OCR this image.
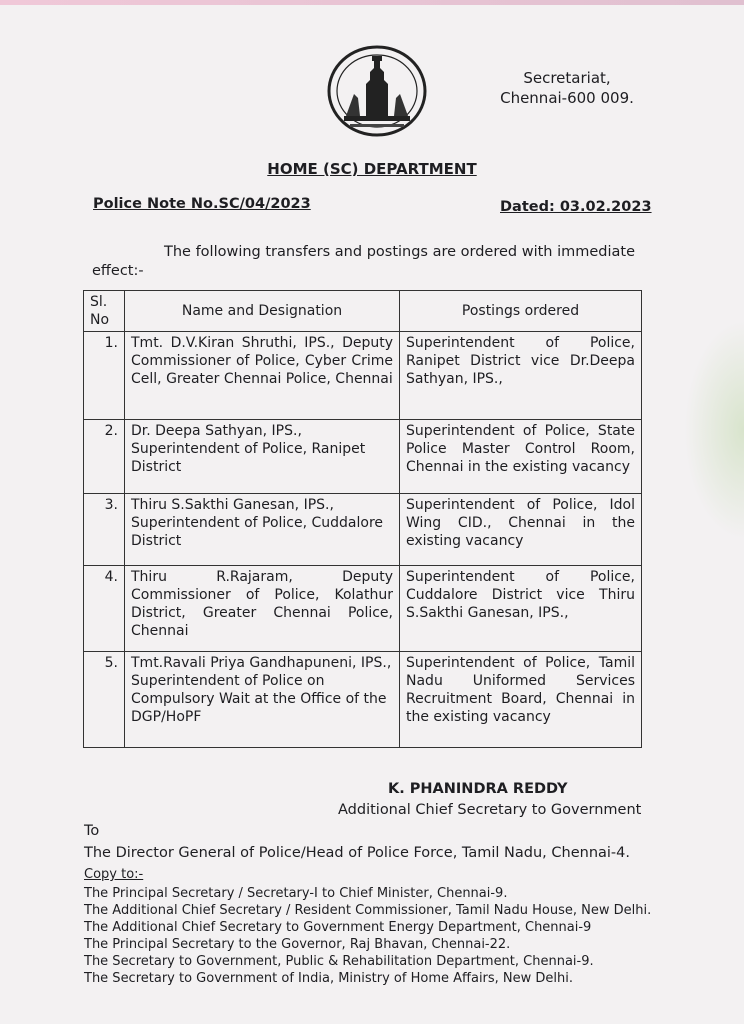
Secretariat,
Chennai-600 009.
HOME (SC) DEPARTMENT
Police Note No.SC/04/2023	Dated: 03.02.2023
The following transfers and postings are ordered with immediate effect:-
Sl. No	Name and Designation	Postings ordered
1.	Tmt. D.V.Kiran Shruthi, IPS., Deputy Commissioner of Police, Cyber Crime Cell, Greater Chennai Police, Chennai	Superintendent of Police, Ranipet District vice Dr.Deepa Sathyan, IPS.,
2.	Dr. Deepa Sathyan, IPS., Superintendent of Police, Ranipet District	Superintendent of Police, State Police Master Control Room, Chennai in the existing vacancy
3.	Thiru S.Sakthi Ganesan, IPS., Superintendent of Police, Cuddalore District	Superintendent of Police, Idol Wing CID., Chennai in the existing vacancy
4.	Thiru R.Rajaram, Deputy Commissioner of Police, Kolathur District, Greater Chennai Police, Chennai	Superintendent of Police, Cuddalore District vice Thiru S.Sakthi Ganesan, IPS.,
5.	Tmt.Ravali Priya Gandhapuneni, IPS., Superintendent of Police on Compulsory Wait at the Office of the DGP/HoPF	Superintendent of Police, Tamil Nadu Uniformed Services Recruitment Board, Chennai in the existing vacancy
K. PHANINDRA REDDY
Additional Chief Secretary to Government
To
The Director General of Police/Head of Police Force, Tamil Nadu, Chennai-4.
Copy to:-
The Principal Secretary / Secretary-I to Chief Minister, Chennai-9.
The Additional Chief Secretary / Resident Commissioner, Tamil Nadu House, New Delhi.
The Additional Chief Secretary to Government Energy Department, Chennai-9
The Principal Secretary to the Governor, Raj Bhavan, Chennai-22.
The Secretary to Government, Public & Rehabilitation Department, Chennai-9.
The Secretary to Government of India, Ministry of Home Affairs, New Delhi.
